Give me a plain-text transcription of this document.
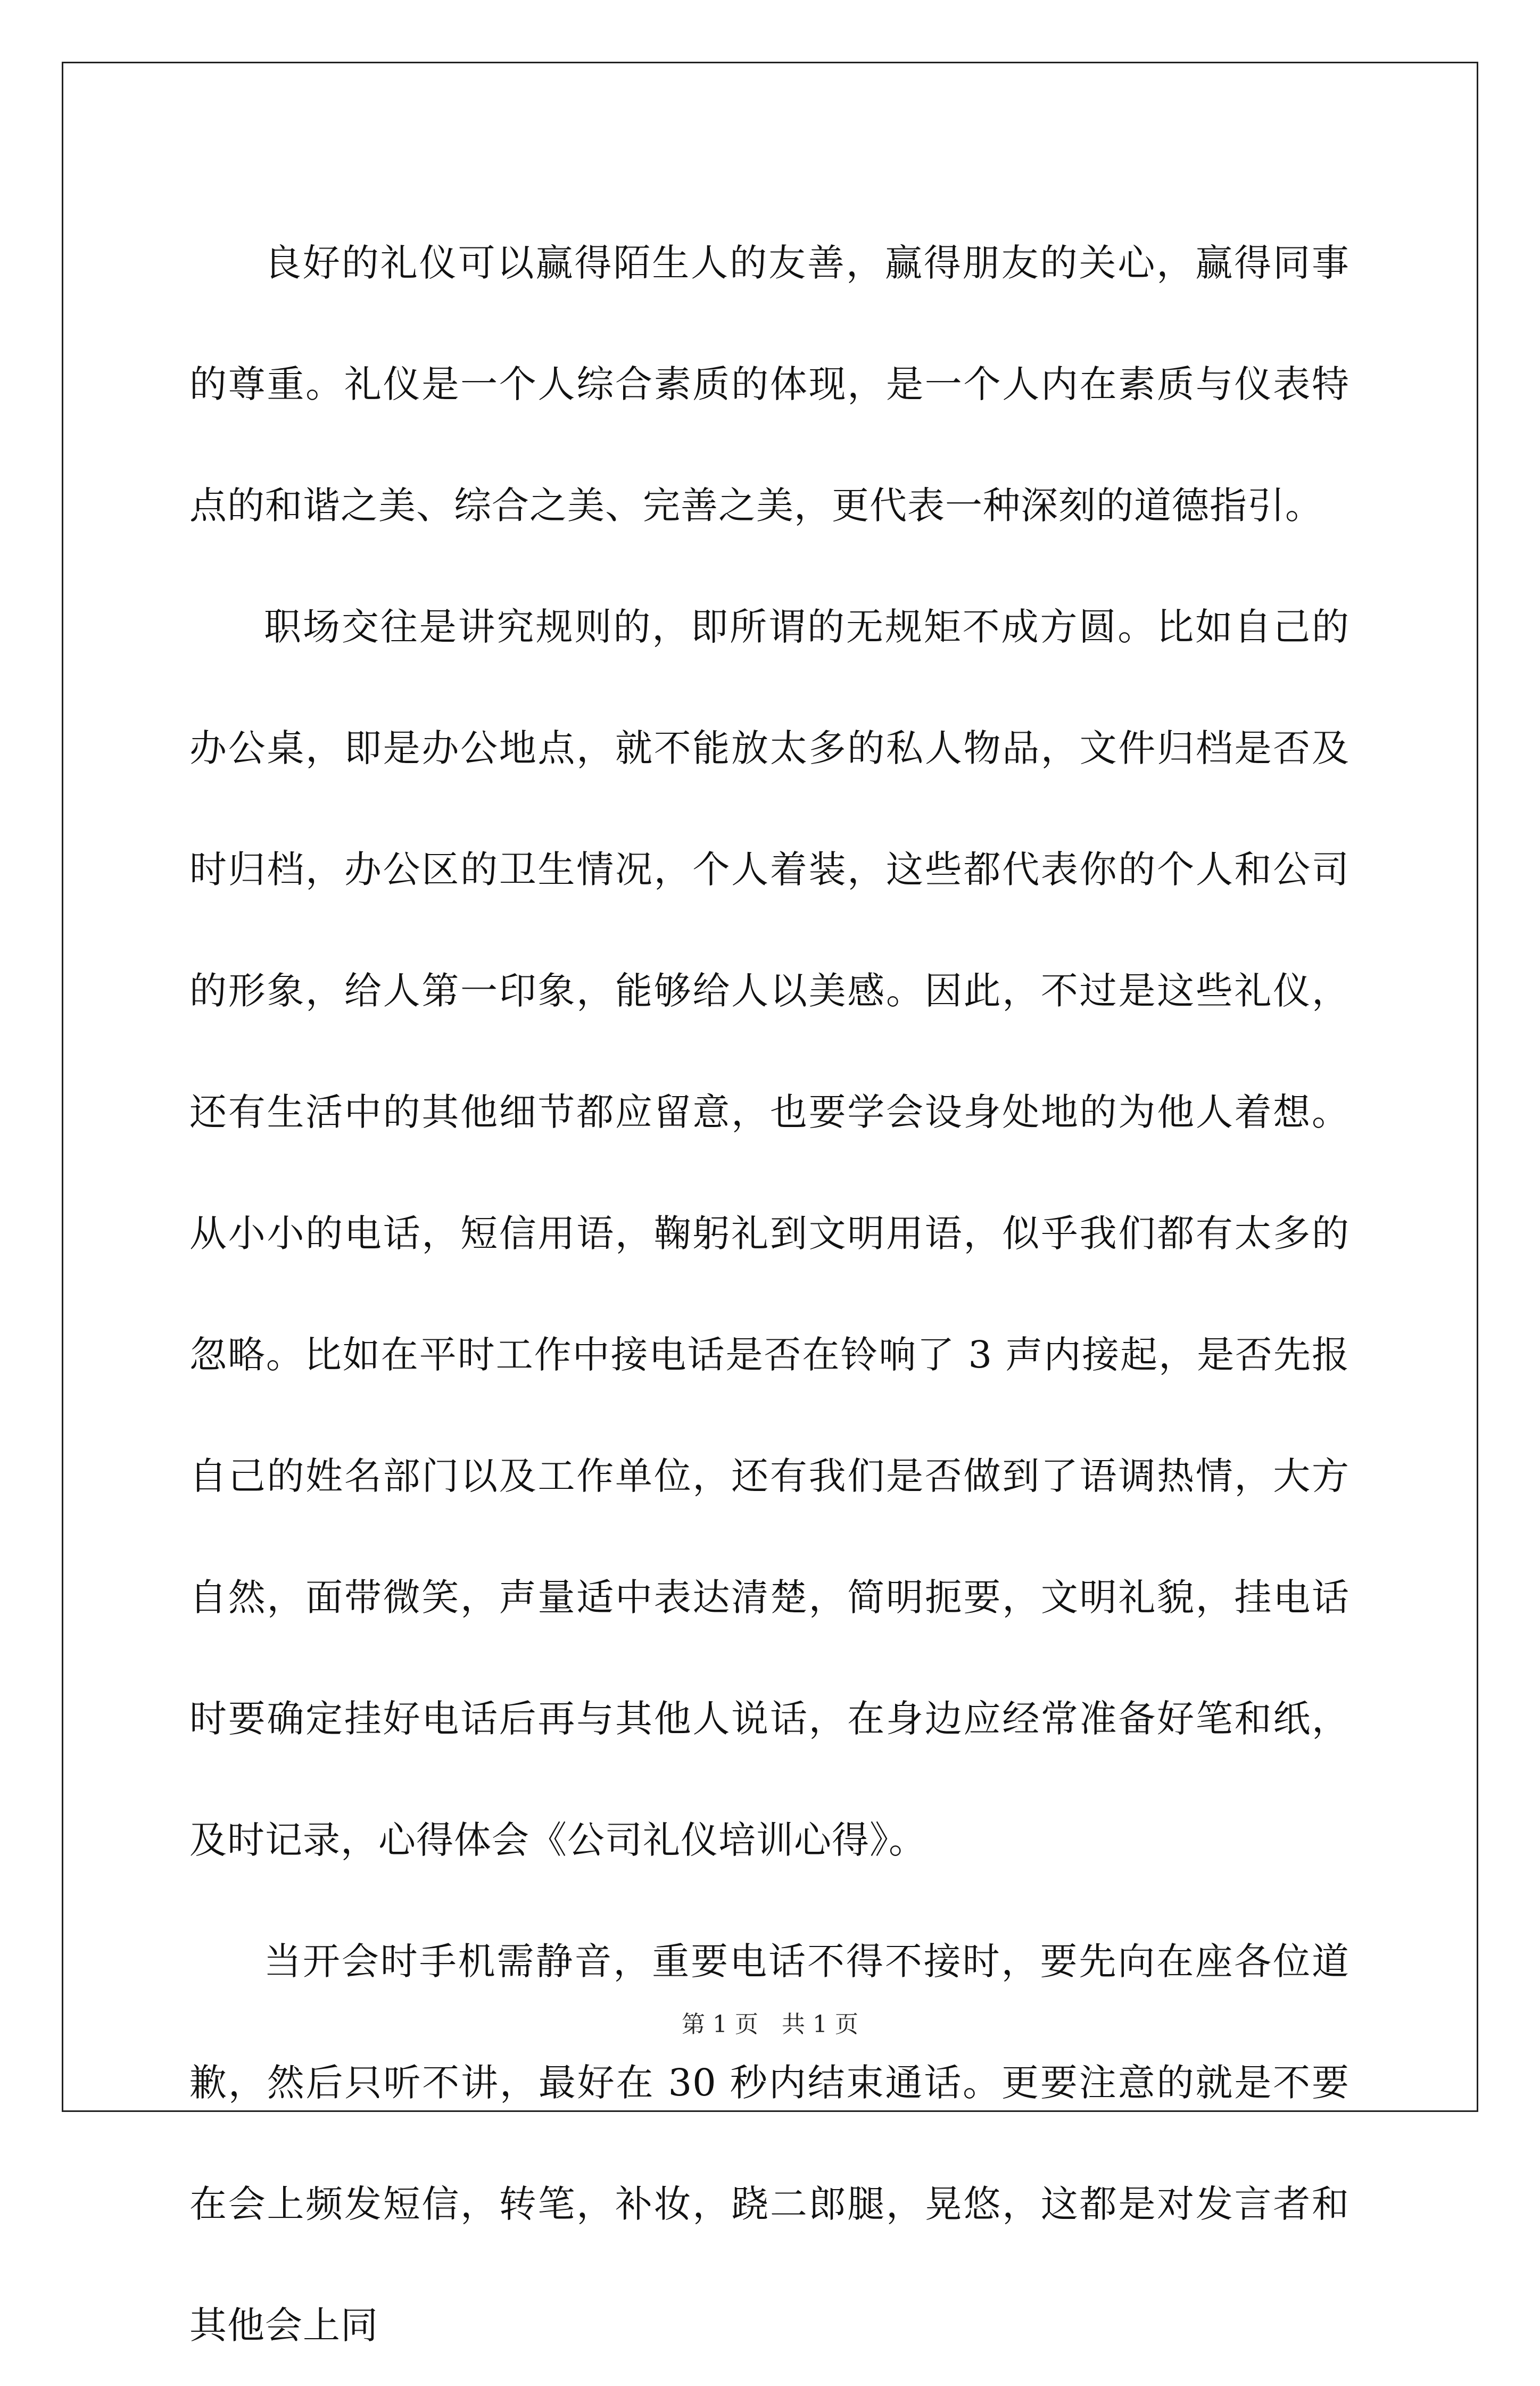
良好的礼仪可以赢得陌生人的友善，赢得朋友的关心，赢得同事的尊重。礼仪是一个人综合素质的体现，是一个人内在素质与仪表特点的和谐之美、综合之美、完善之美，更代表一种深刻的道德指引。

职场交往是讲究规则的，即所谓的无规矩不成方圆。比如自己的办公桌，即是办公地点，就不能放太多的私人物品，文件归档是否及时归档，办公区的卫生情况，个人着装，这些都代表你的个人和公司的形象，给人第一印象，能够给人以美感。因此，不过是这些礼仪，还有生活中的其他细节都应留意，也要学会设身处地的为他人着想。从小小的电话，短信用语，鞠躬礼到文明用语，似乎我们都有太多的忽略。比如在平时工作中接电话是否在铃响了 3 声内接起，是否先报自己的姓名部门以及工作单位，还有我们是否做到了语调热情，大方自然，面带微笑，声量适中表达清楚，简明扼要，文明礼貌，挂电话时要确定挂好电话后再与其他人说话，在身边应经常准备好笔和纸，及时记录，心得体会《公司礼仪培训心得》。

当开会时手机需静音，重要电话不得不接时，要先向在座各位道歉，然后只听不讲，最好在 30 秒内结束通话。更要注意的就是不要在会上频发短信，转笔，补妆，跷二郎腿，晃悠，这都是对发言者和其他会上同

第 1 页　共 1 页
